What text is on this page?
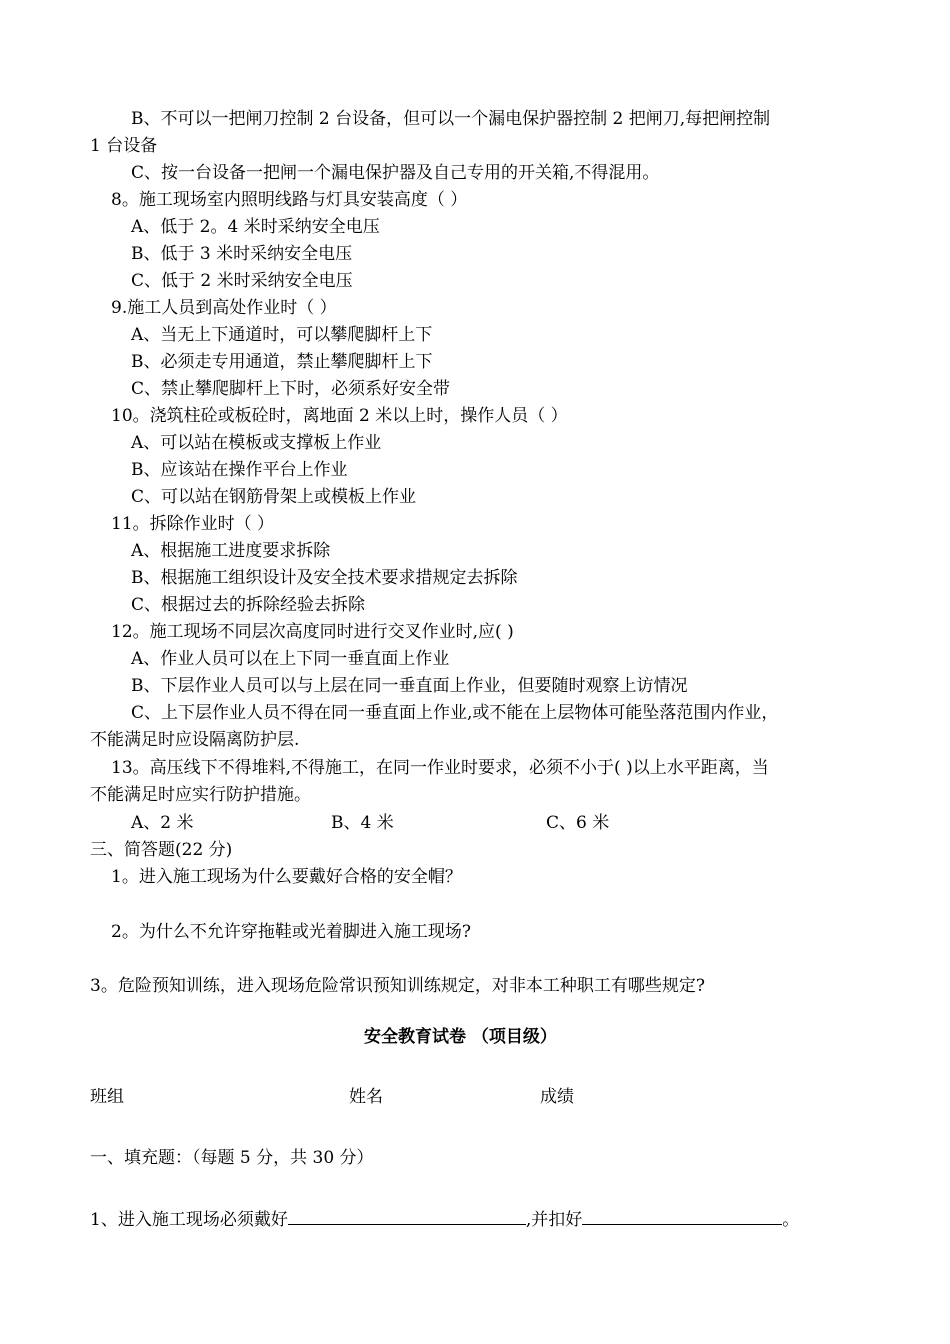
B、不可以一把闸刀控制 2 台设备，但可以一个漏电保护器控制 2 把闸刀,每把闸控制
1 台设备
C、按一台设备一把闸一个漏电保护器及自己专用的开关箱,不得混用。
8。施工现场室内照明线路与灯具安装高度（ ）
A、低于 2。4 米时采纳安全电压
B、低于 3 米时采纳安全电压
C、低于 2 米时采纳安全电压
9.施工人员到高处作业时（ ）
A、当无上下通道时，可以攀爬脚杆上下
B、必须走专用通道，禁止攀爬脚杆上下
C、禁止攀爬脚杆上下时，必须系好安全带
10。浇筑柱砼或板砼时，离地面 2 米以上时，操作人员（ ）
A、可以站在模板或支撑板上作业
B、应该站在操作平台上作业
C、可以站在钢筋骨架上或模板上作业
11。拆除作业时（ ）
A、根据施工进度要求拆除
B、根据施工组织设计及安全技术要求措规定去拆除
C、根据过去的拆除经验去拆除
12。施工现场不同层次高度同时进行交叉作业时,应( )
A、作业人员可以在上下同一垂直面上作业
B、下层作业人员可以与上层在同一垂直面上作业，但要随时观察上访情况
C、上下层作业人员不得在同一垂直面上作业,或不能在上层物体可能坠落范围内作业，
不能满足时应设隔离防护层.
13。高压线下不得堆料,不得施工，在同一作业时要求，必须不小于( )以上水平距离，当
不能满足时应实行防护措施。
A、2 米	B、4 米	C、6 米
三、简答题(22 分)
1。进入施工现场为什么要戴好合格的安全帽？
2。为什么不允许穿拖鞋或光着脚进入施工现场?
3。危险预知训练，进入现场危险常识预知训练规定，对非本工种职工有哪些规定?
安全教育试卷 （项目级）
班组	姓名	成绩
一、填充题：（每题 5 分，共 30 分）
1、进入施工现场必须戴好	,并扣好	。
